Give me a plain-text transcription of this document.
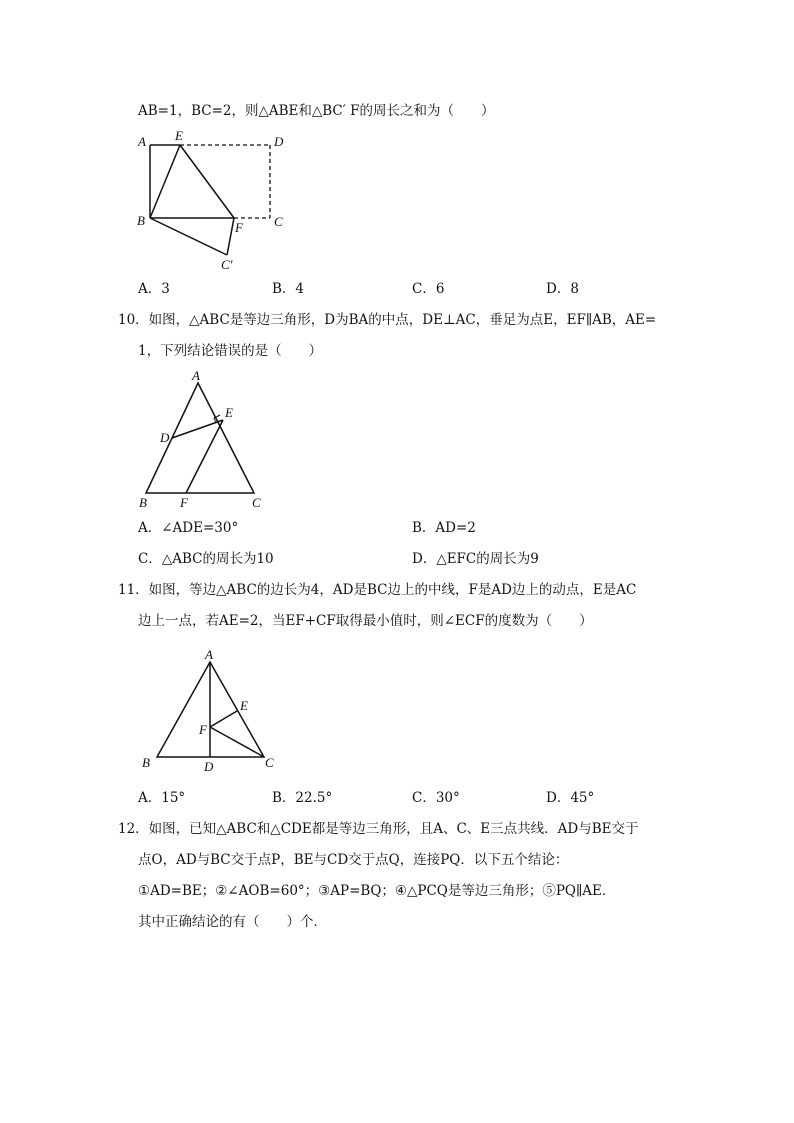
AB=1，BC=2，则△ABE和△BC′ F的周长之和为（　　）
A E	D
B	F C
C′
A．3	B．4	C．6	D．8
10．如图，△ABC是等边三角形，D为BA的中点，DE⊥AC，垂足为点E，EF∥AB，AE=
1，下列结论错误的是（　　）
A
E
D
B	F	C
A．∠ADE=30°	B．AD=2
C．△ABC的周长为10	D．△EFC的周长为9
11．如图，等边△ABC的边长为4，AD是BC边上的中线，F是AD边上的动点，E是AC
边上一点，若AE=2，当EF+CF取得最小值时，则∠ECF的度数为（　　）
A
E
F
B	D	C
A．15°	B．22.5°	C．30°	D．45°
12．如图，已知△ABC和△CDE都是等边三角形，且A、C、E三点共线．AD与BE交于
点O，AD与BC交于点P，BE与CD交于点Q，连接PQ．以下五个结论：
①AD=BE；②∠AOB=60°；③AP=BQ；④△PCQ是等边三角形；⑤PQ∥AE．
其中正确结论的有（　　）个．
